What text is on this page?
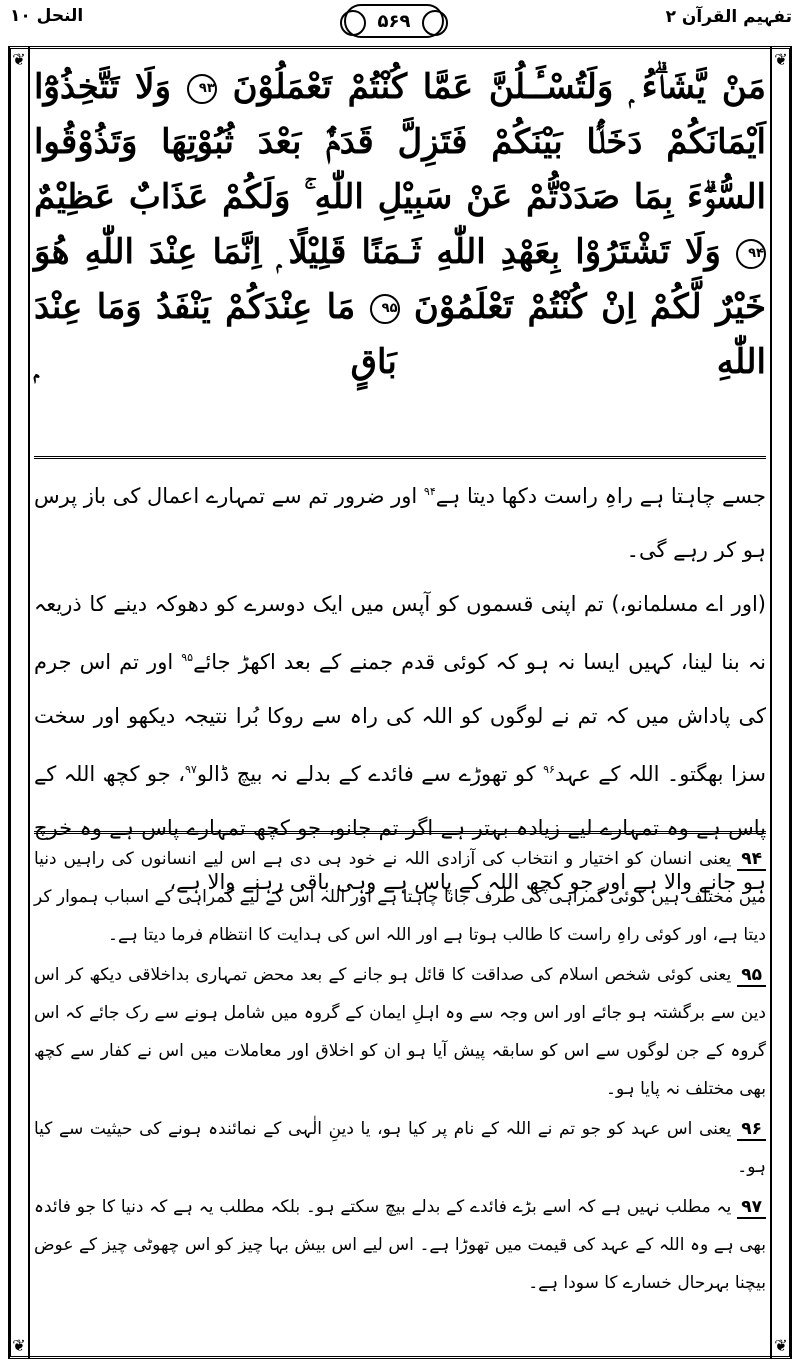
تفہیم القرآن ۲
۵۶۹
النحل ۱۰
❦
❦
❦
❦
مَنْ يَّشَاۗءُ ۭ وَلَتُسْـَٔـلُنَّ عَمَّا كُنْتُمْ تَعْمَلُوْنَ ۹۳ وَلَا تَتَّخِذُوْٓا اَيْمَانَكُمْ دَخَلًۢا بَيْنَكُمْ فَتَزِلَّ قَدَمٌۢ بَعْدَ ثُبُوْتِهَا وَتَذُوْقُوا السُّوْۗءَ بِمَا صَدَدْتُّمْ عَنْ سَبِيْلِ اللّٰهِ ۚ وَلَكُمْ عَذَابٌ عَظِيْمٌ ۹۴ وَلَا تَشْتَرُوْا بِعَهْدِ اللّٰهِ ثَـمَنًا قَلِيْلًا ۭ اِنَّمَا عِنْدَ اللّٰهِ هُوَ خَيْرٌ لَّكُمْ اِنْ كُنْتُمْ تَعْلَمُوْنَ ۹۵ مَا عِنْدَكُمْ يَنْفَدُ وَمَا عِنْدَ اللّٰهِ بَاقٍ ۭ

جسے چاہتا ہے راہِ راست دکھا دیتا ہے$^{۹۴}$ اور ضرور تم سے تمہارے اعمال کی باز پرس ہو کر رہے گی۔

(اور اے مسلمانو،) تم اپنی قسموں کو آپس میں ایک دوسرے کو دھوکہ دینے کا ذریعہ نہ بنا لینا، کہیں ایسا نہ ہو کہ کوئی قدم جمنے کے بعد اکھڑ جائے$^{۹۵}$ اور تم اس جرم کی پاداش میں کہ تم نے لوگوں کو اللہ کی راہ سے روکا بُرا نتیجہ دیکھو اور سخت سزا بھگتو۔ اللہ کے عہد$^{۹۶}$ کو تھوڑے سے فائدے کے بدلے نہ بیچ ڈالو$^{۹۷}$، جو کچھ اللہ کے پاس ہے وہ تمہارے لیے زیادہ بہتر ہے اگر تم جانو، جو کچھ تمہارے پاس ہے وہ خرچ ہو جانے والا ہے اور جو کچھ اللہ کے پاس ہے وہی باقی رہنے والا ہے،

۹۴یعنی انسان کو اختیار و انتخاب کی آزادی اللہ نے خود ہی دی ہے اس لیے انسانوں کی راہیں دنیا میں مختلف ہیں کوئی گمراہی کی طرف جانا چاہتا ہے اور اللہ اس کے لیے گمراہی کے اسباب ہموار کر دیتا ہے، اور کوئی راہِ راست کا طالب ہوتا ہے اور اللہ اس کی ہدایت کا انتظام فرما دیتا ہے۔

۹۵یعنی کوئی شخص اسلام کی صداقت کا قائل ہو جانے کے بعد محض تمہاری بداخلاقی دیکھ کر اس دین سے برگشتہ ہو جائے اور اس وجہ سے وہ اہلِ ایمان کے گروہ میں شامل ہونے سے رک جائے کہ اس گروہ کے جن لوگوں سے اس کو سابقہ پیش آیا ہو ان کو اخلاق اور معاملات میں اس نے کفار سے کچھ بھی مختلف نہ پایا ہو۔

۹۶یعنی اس عہد کو جو تم نے اللہ کے نام پر کیا ہو، یا دینِ الٰہی کے نمائندہ ہونے کی حیثیت سے کیا ہو۔

۹۷یہ مطلب نہیں ہے کہ اسے بڑے فائدے کے بدلے بیچ سکتے ہو۔ بلکہ مطلب یہ ہے کہ دنیا کا جو فائدہ بھی ہے وہ اللہ کے عہد کی قیمت میں تھوڑا ہے۔ اس لیے اس بیش بہا چیز کو اس چھوٹی چیز کے عوض بیچنا بہرحال خسارے کا سودا ہے۔
